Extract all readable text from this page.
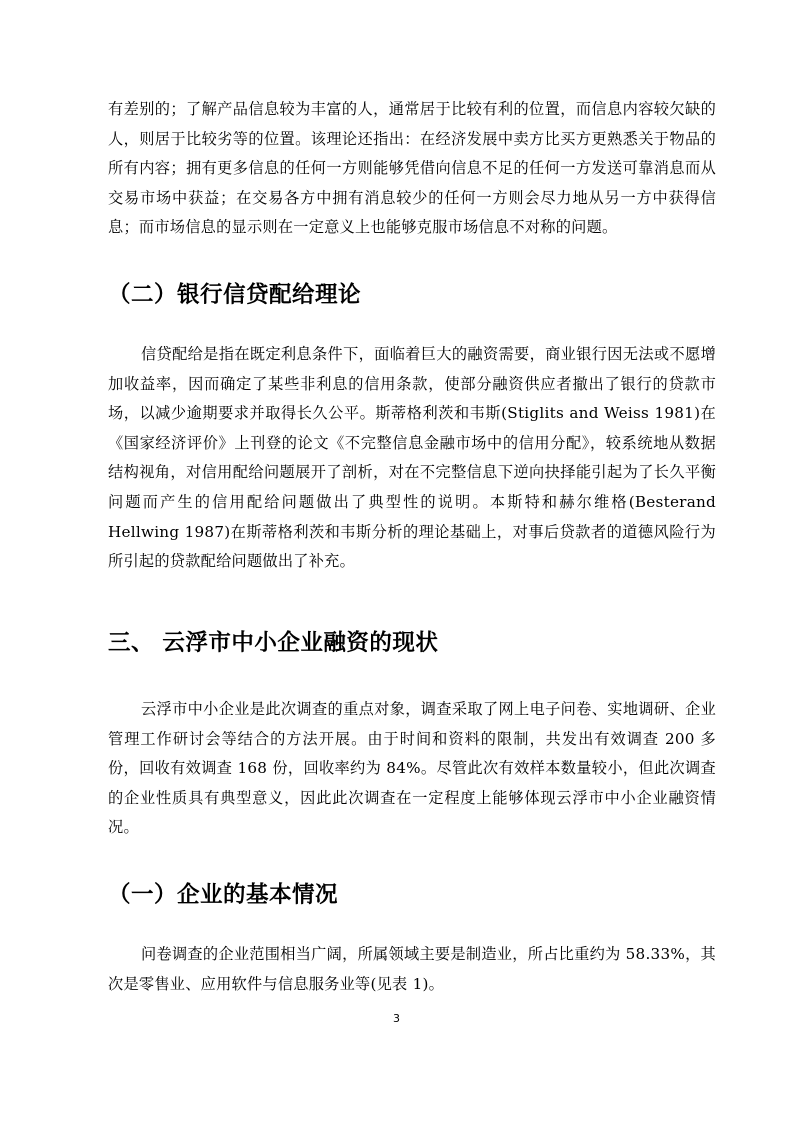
有差别的；了解产品信息较为丰富的人，通常居于比较有利的位置，而信息内容较欠缺的人，则居于比较劣等的位置。该理论还指出：在经济发展中卖方比买方更熟悉关于物品的所有内容；拥有更多信息的任何一方则能够凭借向信息不足的任何一方发送可靠消息而从交易市场中获益；在交易各方中拥有消息较少的任何一方则会尽力地从另一方中获得信息；而市场信息的显示则在一定意义上也能够克服市场信息不对称的问题。

（二）银行信贷配给理论

信贷配给是指在既定利息条件下，面临着巨大的融资需要，商业银行因无法或不愿增加收益率，因而确定了某些非利息的信用条款，使部分融资供应者撤出了银行的贷款市场，以减少逾期要求并取得长久公平。斯蒂格利茨和韦斯(Stiglits and Weiss 1981)在《国家经济评价》上刊登的论文《不完整信息金融市场中的信用分配》，较系统地从数据结构视角，对信用配给问题展开了剖析，对在不完整信息下逆向抉择能引起为了长久平衡问题而产生的信用配给问题做出了典型性的说明。本斯特和赫尔维格(Besterand Hellwing 1987)在斯蒂格利茨和韦斯分析的理论基础上，对事后贷款者的道德风险行为所引起的贷款配给问题做出了补充。

三、 云浮市中小企业融资的现状

云浮市中小企业是此次调查的重点对象，调查采取了网上电子问卷、实地调研、企业管理工作研讨会等结合的方法开展。由于时间和资料的限制，共发出有效调查 200 多份，回收有效调查 168 份，回收率约为 84%。尽管此次有效样本数量较小，但此次调查的企业性质具有典型意义，因此此次调查在一定程度上能够体现云浮市中小企业融资情况。

（一）企业的基本情况

问卷调查的企业范围相当广阔，所属领域主要是制造业，所占比重约为 58.33%，其次是零售业、应用软件与信息服务业等(见表 1)。

3
